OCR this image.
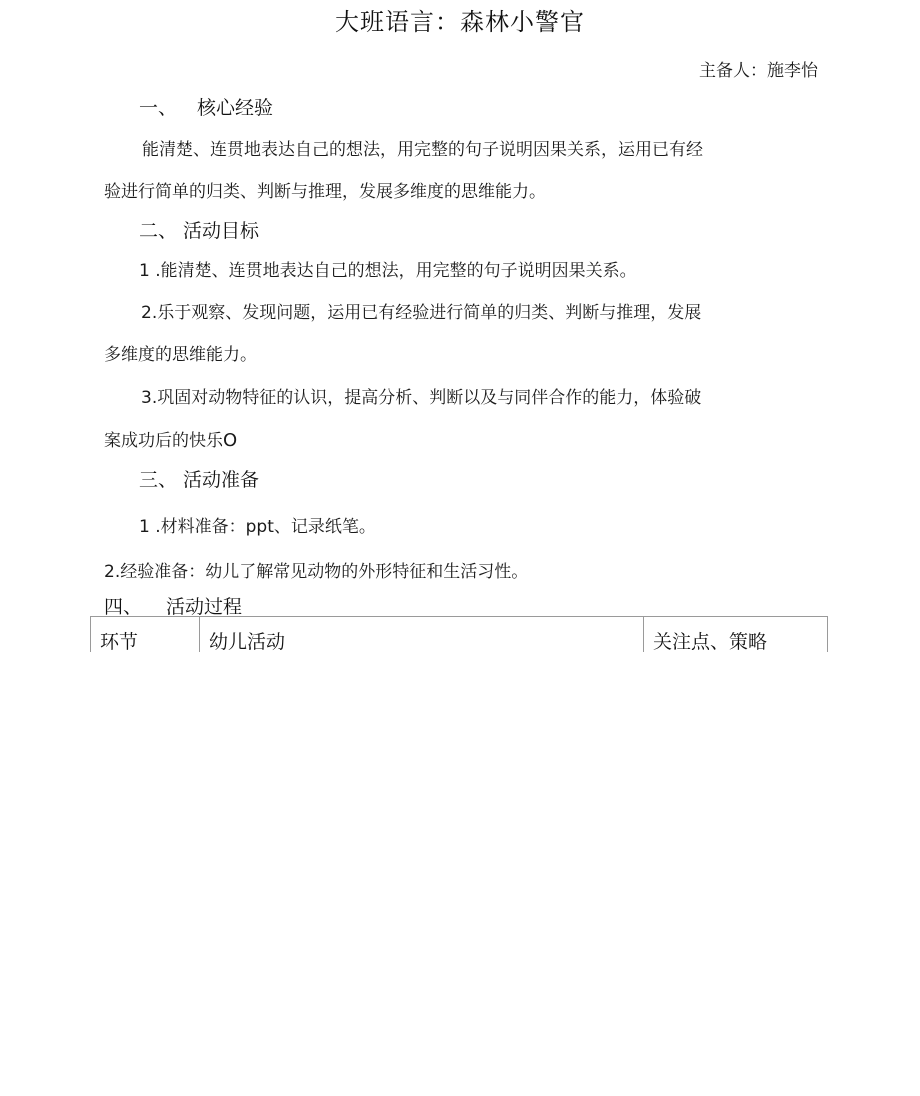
大班语言：森林小警官
主备人：施李怡
一、 核心经验
能清楚、连贯地表达自己的想法，用完整的句子说明因果关系，运用已有经
验进行简单的归类、判断与推理，发展多维度的思维能力。
二、 活动目标
1 .能清楚、连贯地表达自己的想法，用完整的句子说明因果关系。
2.乐于观察、发现问题，运用已有经验进行简单的归类、判断与推理，发展
多维度的思维能力。
3.巩固对动物特征的认识，提高分析、判断以及与同伴合作的能力，体验破
案成功后的快乐O
三、 活动准备
1 .材料准备：ppt、记录纸笔。
2.经验准备：幼儿了解常见动物的外形特征和生活习性。
四、 活动过程
环节	幼儿活动	关注点、策略
